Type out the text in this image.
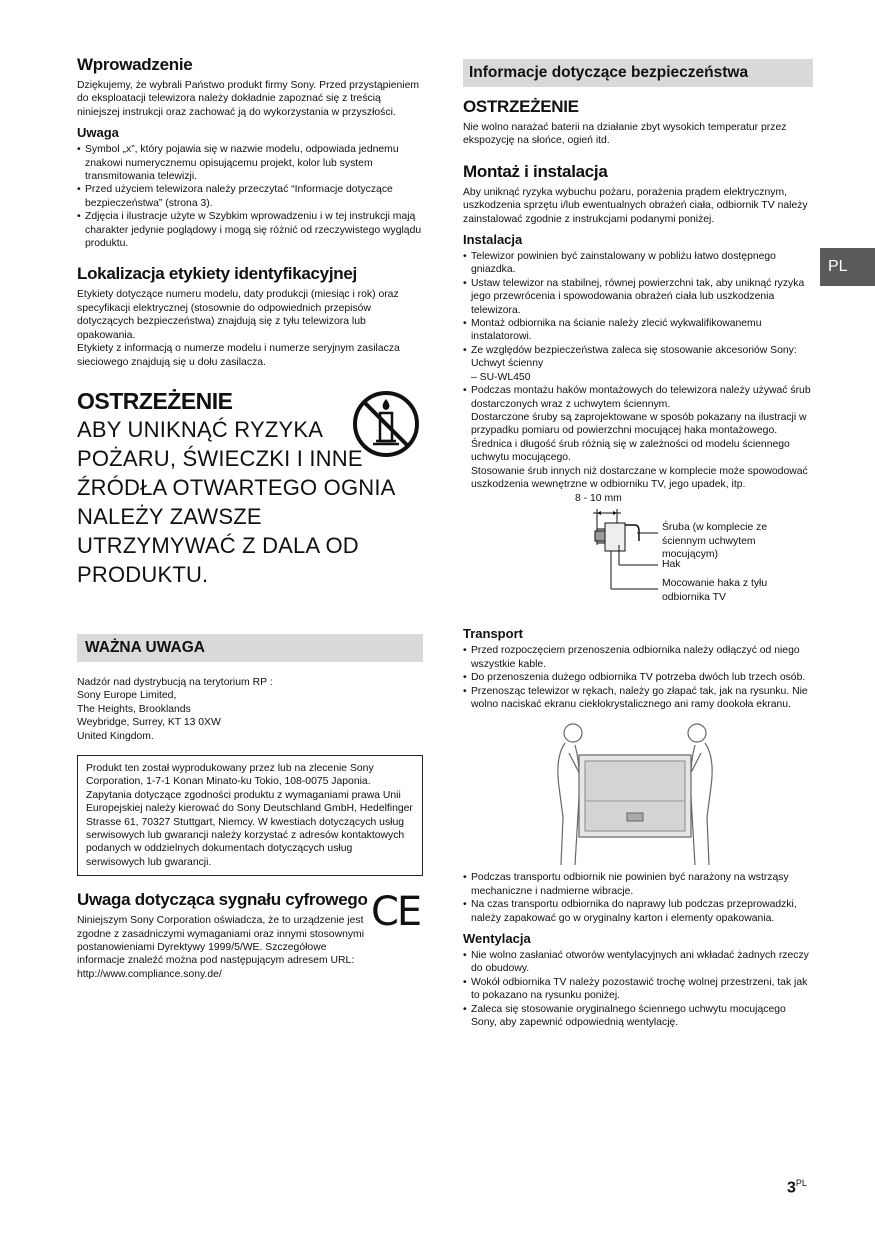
Wprowadzenie

Dziękujemy, że wybrali Państwo produkt firmy Sony. Przed przystąpieniem do eksploatacji telewizora należy dokładnie zapoznać się z treścią niniejszej instrukcji oraz zachować ją do wykorzystania w przyszłości.

Uwaga
• Symbol „x”, który pojawia się w nazwie modelu, odpowiada jednemu znakowi numerycznemu opisującemu projekt, kolor lub system transmitowania telewizji.
• Przed użyciem telewizora należy przeczytać “Informacje dotyczące bezpieczeństwa” (strona 3).
• Zdjęcia i ilustracje użyte w Szybkim wprowadzeniu i w tej instrukcji mają charakter jedynie poglądowy i mogą się różnić od rzeczywistego wyglądu produktu.
Lokalizacja etykiety identyfikacyjnej

Etykiety dotyczące numeru modelu, daty produkcji (miesiąc i rok) oraz specyfikacji elektrycznej (stosownie do odpowiednich przepisów dotyczących bezpieczeństwa) znajdują się z tyłu telewizora lub opakowania.

Etykiety z informacją o numerze modelu i numerze seryjnym zasilacza sieciowego znajdują się u dołu zasilacza.

OSTRZEŻENIE

ABY UNIKNĄĆ RYZYKA POŻARU, ŚWIECZKI I INNE ŹRÓDŁA OTWARTEGO OGNIA NALEŻY ZAWSZE UTRZYMYWAĆ Z DALA OD PRODUKTU.

WAŻNA UWAGA

Nadzór nad dystrybucją na terytorium RP :

Sony Europe Limited,

The Heights, Brooklands

Weybridge, Surrey, KT 13 0XW

United Kingdom.

Produkt ten został wyprodukowany przez lub na zlecenie Sony Corporation, 1-7-1 Konan Minato-ku Tokio, 108-0075 Japonia. Zapytania dotyczące zgodności produktu z wymaganiami prawa Unii Europejskiej należy kierować do Sony Deutschland GmbH, Hedelfinger Strasse 61, 70327 Stuttgart, Niemcy. W kwestiach dotyczących usług serwisowych lub gwarancji należy korzystać z adresów kontaktowych podanych w oddzielnych dokumentach dotyczących usług serwisowych lub gwarancji.

Uwaga dotycząca sygnału cyfrowego CE

Niniejszym Sony Corporation oświadcza, że to urządzenie jest zgodne z zasadniczymi wymaganiami oraz innymi stosownymi postanowieniami Dyrektywy 1999/5/WE. Szczegółowe informacje znaleźć można pod następującym adresem URL:

http://www.compliance.sony.de/

Informacje dotyczące bezpieczeństwa
OSTRZEŻENIE

Nie wolno narażać baterii na działanie zbyt wysokich temperatur przez ekspozycję na słońce, ogień itd.

Montaż i instalacja

Aby uniknąć ryzyka wybuchu pożaru, porażenia prądem elektrycznym, uszkodzenia sprzętu i/lub ewentualnych obrażeń ciała, odbiornik TV należy zainstalować zgodnie z instrukcjami podanymi poniżej.

Instalacja
• Telewizor powinien być zainstalowany w pobliżu łatwo dostępnego gniazdka.
• Ustaw telewizor na stabilnej, równej powierzchni tak, aby uniknąć ryzyka jego przewrócenia i spowodowania obrażeń ciała lub uszkodzenia telewizora.
• Montaż odbiornika na ścianie należy zlecić wykwalifikowanemu instalatorowi.
• Ze względów bezpieczeństwa zaleca się stosowanie akcesoriów Sony:

Uchwyt ścienny

– SU-WL450

• Podczas montażu haków montażowych do telewizora należy używać śrub dostarczonych wraz z uchwytem ściennym.

Dostarczone śruby są zaprojektowane w sposób pokazany na ilustracji w przypadku pomiaru od powierzchni mocującej haka montażowego.

Średnica i długość śrub różnią się w zależności od modelu ściennego uchwytu mocującego.

Stosowanie śrub innych niż dostarczane w komplecie może spowodować uszkodzenia wewnętrzne w odbiorniku TV, jego upadek, itp.

8 - 10 mm
Śruba (w komplecie ze ściennym uchwytem mocującym)
Hak
Mocowanie haka z tyłu odbiornika TV
Transport
• Przed rozpoczęciem przenoszenia odbiornika należy odłączyć od niego wszystkie kable.
• Do przenoszenia dużego odbiornika TV potrzeba dwóch lub trzech osób.
• Przenosząc telewizor w rękach, należy go złapać tak, jak na rysunku. Nie wolno naciskać ekranu ciekłokrystalicznego ani ramy dookoła ekranu.
• Podczas transportu odbiornik nie powinien być narażony na wstrząsy mechaniczne i nadmierne wibracje.
• Na czas transportu odbiornika do naprawy lub podczas przeprowadzki, należy zapakować go w oryginalny karton i elementy opakowania.
Wentylacja
• Nie wolno zasłaniać otworów wentylacyjnych ani wkładać żadnych rzeczy do obudowy.
• Wokół odbiornika TV należy pozostawić trochę wolnej przestrzeni, tak jak to pokazano na rysunku poniżej.
• Zaleca się stosowanie oryginalnego ściennego uchwytu mocującego Sony, aby zapewnić odpowiednią wentylację.
PL
$3^{PL}$
